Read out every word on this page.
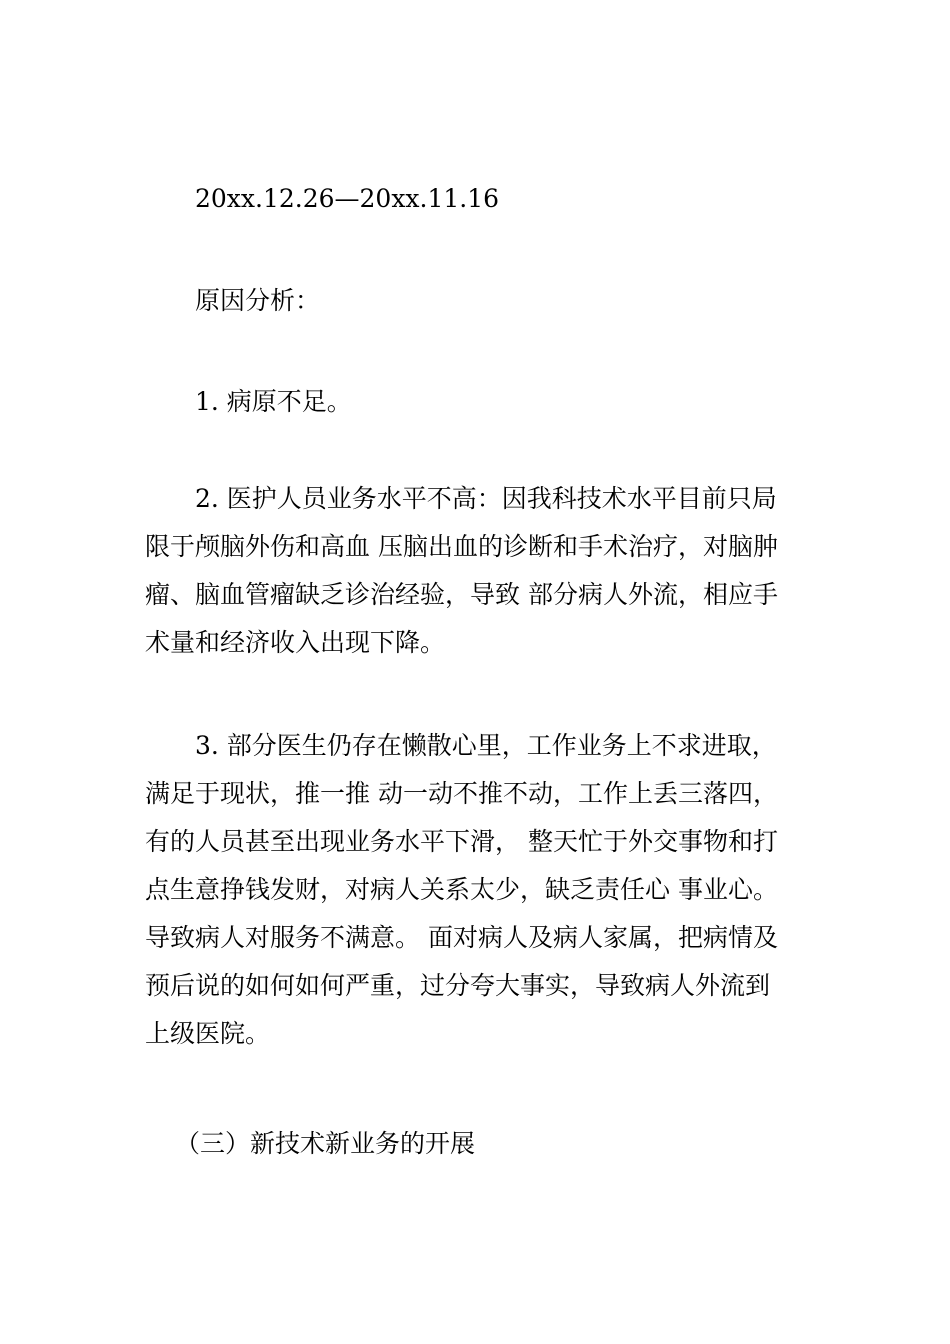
20xx.12.26—20xx.11.16

原因分析：

1. 病原不足。

2. 医护人员业务水平不高：因我科技术水平目前只局
限于颅脑外伤和高血 压脑出血的诊断和手术治疗，对脑肿
瘤、脑血管瘤缺乏诊治经验，导致 部分病人外流，相应手
术量和经济收入出现下降。

3. 部分医生仍存在懒散心里，工作业务上不求进取，
满足于现状，推一推 动一动不推不动，工作上丢三落四，
有的人员甚至出现业务水平下滑， 整天忙于外交事物和打
点生意挣钱发财，对病人关系太少，缺乏责任心 事业心。
导致病人对服务不满意。 面对病人及病人家属，把病情及
预后说的如何如何严重，过分夸大事实，导致病人外流到
上级医院。

（三）新技术新业务的开展
